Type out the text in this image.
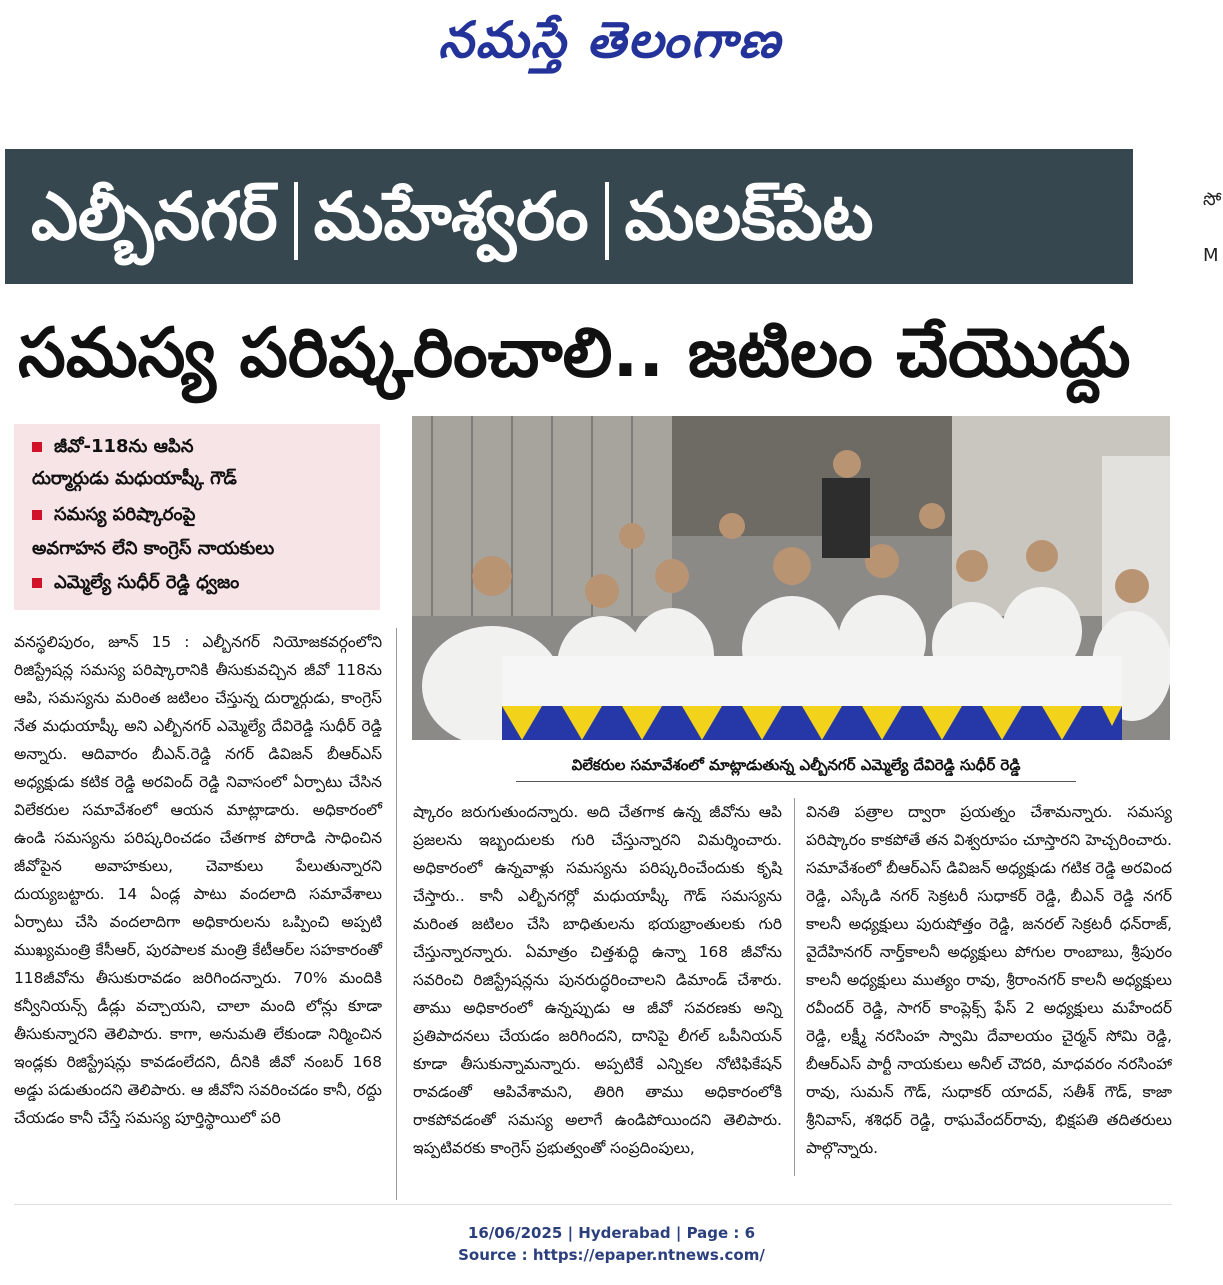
నమస్తే తెలంగాణ
ఎల్బీనగర్ మహేశ్వరం మలక్‌పేట	సో
M
సమస్య పరిష్కరించాలి.. జటిలం చేయొద్దు
జీవో-118ను ఆపిన
దుర్మార్గుడు మధుయాష్కీ గౌడ్
సమస్య పరిష్కారంపై
అవగాహన లేని కాంగ్రెస్ నాయకులు
ఎమ్మెల్యే సుధీర్ రెడ్డి ధ్వజం
విలేకరుల సమావేశంలో మాట్లాడుతున్న ఎల్బీనగర్ ఎమ్మెల్యే దేవిరెడ్డి సుధీర్ రెడ్డి

వనస్థలిపురం, జూన్ 15 : ఎల్బీనగర్ నియోజకవర్గంలోని రిజిస్ట్రేషన్ల సమస్య పరిష్కారానికి తీసుకువచ్చిన జీవో 118ను ఆపి, సమస్యను మరింత జటిలం చేస్తున్న దుర్మార్గుడు, కాంగ్రెస్ నేత మధుయాష్కీ అని ఎల్బీనగర్ ఎమ్మెల్యే దేవిరెడ్డి సుధీర్ రెడ్డి అన్నారు. ఆదివారం బీఎన్.రెడ్డి నగర్ డివిజన్ బీఆర్ఎస్ అధ్యక్షుడు కటిక రెడ్డి అరవింద్ రెడ్డి నివాసంలో ఏర్పాటు చేసిన విలేకరుల సమావేశంలో ఆయన మాట్లాడారు. అధికారంలో ఉండి సమస్యను పరిష్కరించడం చేతగాక పోరాడి సాధించిన జీవోపైన అవాహకులు, చెవాకులు పేలుతున్నారని దుయ్యబట్టారు. 14 ఏండ్ల పాటు వందలాది సమావేశాలు ఏర్పాటు చేసి వందలాదిగా అధికారులను ఒప్పించి అప్పటి ముఖ్యమంత్రి కేసీఆర్, పురపాలక మంత్రి కేటీఆర్‌ల సహకారంతో 118జీవోను తీసుకురావడం జరిగిందన్నారు. 70% మందికి కన్వీనియన్స్ డీడ్లు వచ్చాయని, చాలా మంది లోన్లు కూడా తీసుకున్నారని తెలిపారు. కాగా, అనుమతి లేకుండా నిర్మించిన ఇండ్లకు రిజిస్ట్రేషన్లు కావడంలేదని, దీనికి జీవో నంబర్ 168 అడ్డు పడుతుందని తెలిపారు. ఆ జీవోని సవరించడం కానీ, రద్దు చేయడం కానీ చేస్తే సమస్య పూర్తిస్థాయిలో పరి

ష్కారం జరుగుతుందన్నారు. అది చేతగాక ఉన్న జీవోను ఆపి ప్రజలను ఇబ్బందులకు గురి చేస్తున్నారని విమర్శించారు. అధికారంలో ఉన్నవాళ్లు సమస్యను పరిష్కరించేందుకు కృషి చేస్తారు.. కానీ ఎల్బీనగర్లో మధుయాష్కీ గౌడ్ సమస్యను మరింత జటిలం చేసి బాధితులను భయభ్రాంతులకు గురి చేస్తున్నారన్నారు. ఏమాత్రం చిత్తశుద్ధి ఉన్నా 168 జీవోను సవరించి రిజిస్ట్రేషన్లను పునరుద్ధరించాలని డిమాండ్ చేశారు. తాము అధికారంలో ఉన్నప్పుడు ఆ జీవో సవరణకు అన్ని ప్రతిపాదనలు చేయడం జరిగిందని, దానిపై లీగల్ ఒపీనియన్ కూడా తీసుకున్నామన్నారు. అప్పటికే ఎన్నికల నోటిఫికేషన్ రావడంతో ఆపివేశామని, తిరిగి తాము అధికారంలోకి రాకపోవడంతో సమస్య అలాగే ఉండిపోయిందని తెలిపారు. ఇప్పటివరకు కాంగ్రెస్ ప్రభుత్వంతో సంప్రదింపులు,

వినతి పత్రాల ద్వారా ప్రయత్నం చేశామన్నారు. సమస్య పరిష్కారం కాకపోతే తన విశ్వరూపం చూస్తారని హెచ్చరించారు. సమావేశంలో బీఆర్ఎస్ డివిజన్ అధ్యక్షుడు గటిక రెడ్డి అరవింద రెడ్డి, ఎస్కేడి నగర్ సెక్రటరీ సుధాకర్ రెడ్డి, బీఎన్ రెడ్డి నగర్ కాలనీ అధ్యక్షులు పురుషోత్తం రెడ్డి, జనరల్ సెక్రటరీ ధన్‌రాజ్, వైదేహినగర్ నార్త్‌కాలనీ అధ్యక్షులు పోగుల రాంబాబు, శ్రీపురం కాలనీ అధ్యక్షులు ముత్యం రావు, శ్రీరాంనగర్ కాలనీ అధ్యక్షులు రవీందర్ రెడ్డి, సాగర్ కాంప్లెక్స్ ఫేస్ 2 అధ్యక్షులు మహేందర్ రెడ్డి, లక్ష్మీ నరసింహ స్వామి దేవాలయం చైర్మన్ సోమి రెడ్డి, బీఆర్ఎస్ పార్టీ నాయకులు అనీల్ చౌదరి, మాధవరం నరసింహా రావు, సుమన్ గౌడ్, సుధాకర్ యాదవ్, సతీశ్ గౌడ్, కాజా శ్రీనివాస్, శశిధర్ రెడ్డి, రాఘవేందర్‌రావు, భిక్షపతి తదితరులు పాల్గొన్నారు.

16/06/2025 | Hyderabad | Page : 6
Source : https://epaper.ntnews.com/
